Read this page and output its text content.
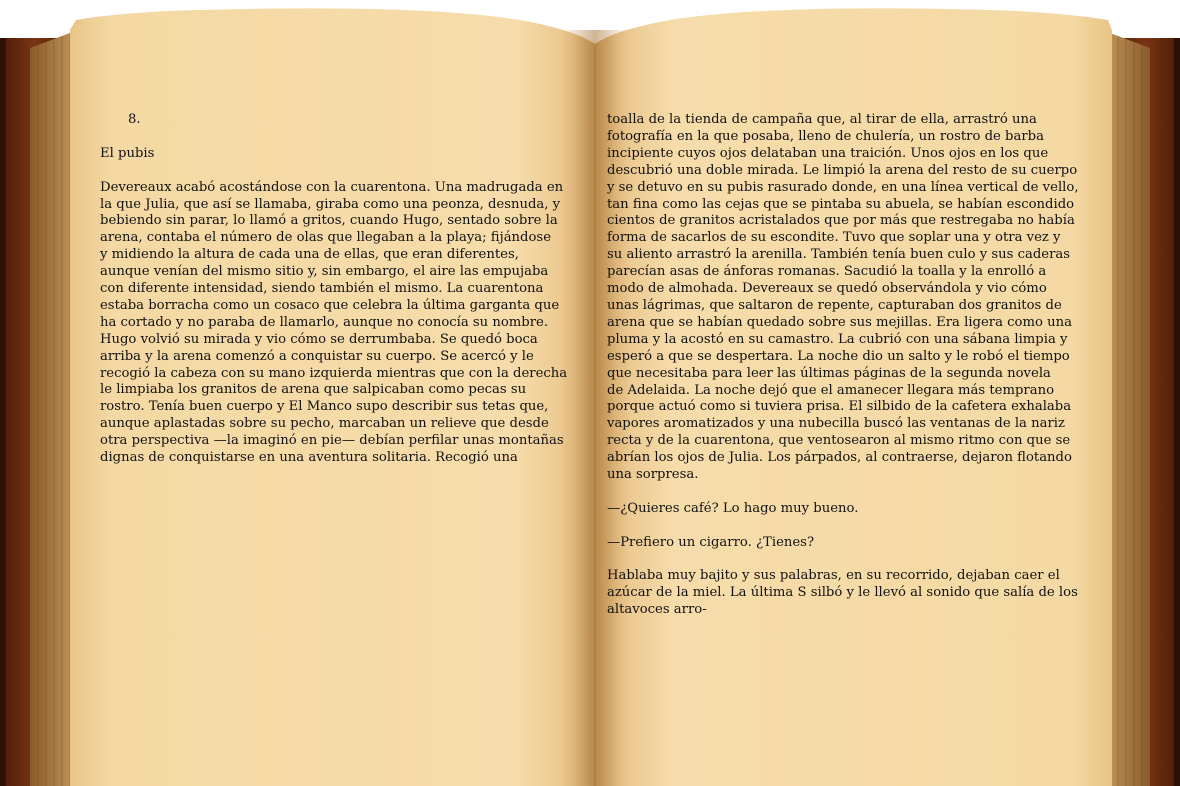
8.

El pubis

Devereaux acabó acostándose con la cuarentona. Una madrugada en

la que Julia, que así se llamaba, giraba como una peonza, desnuda, y

bebiendo sin parar, lo llamó a gritos, cuando Hugo, sentado sobre la

arena, contaba el número de olas que llegaban a la playa; fijándose

y midiendo la altura de cada una de ellas, que eran diferentes,

aunque venían del mismo sitio y, sin embargo, el aire las empujaba

con diferente intensidad, siendo también el mismo. La cuarentona

estaba borracha como un cosaco que celebra la última garganta que

ha cortado y no paraba de llamarlo, aunque no conocía su nombre.

Hugo volvió su mirada y vio cómo se derrumbaba. Se quedó boca

arriba y la arena comenzó a conquistar su cuerpo. Se acercó y le

recogió la cabeza con su mano izquierda mientras que con la derecha

le limpiaba los granitos de arena que salpicaban como pecas su

rostro. Tenía buen cuerpo y El Manco supo describir sus tetas que,

aunque aplastadas sobre su pecho, marcaban un relieve que desde

otra perspectiva —la imaginó en pie— debían perfilar unas montañas

dignas de conquistarse en una aventura solitaria. Recogió una

toalla de la tienda de campaña que, al tirar de ella, arrastró una

fotografía en la que posaba, lleno de chulería, un rostro de barba

incipiente cuyos ojos delataban una traición. Unos ojos en los que

descubrió una doble mirada. Le limpió la arena del resto de su cuerpo

y se detuvo en su pubis rasurado donde, en una línea vertical de vello,

tan fina como las cejas que se pintaba su abuela, se habían escondido

cientos de granitos acristalados que por más que restregaba no había

forma de sacarlos de su escondite. Tuvo que soplar una y otra vez y

su aliento arrastró la arenilla. También tenía buen culo y sus caderas

parecían asas de ánforas romanas. Sacudió la toalla y la enrolló a

modo de almohada. Devereaux se quedó observándola y vio cómo

unas lágrimas, que saltaron de repente, capturaban dos granitos de

arena que se habían quedado sobre sus mejillas. Era ligera como una

pluma y la acostó en su camastro. La cubrió con una sábana limpia y

esperó a que se despertara. La noche dio un salto y le robó el tiempo

que necesitaba para leer las últimas páginas de la segunda novela

de Adelaida. La noche dejó que el amanecer llegara más temprano

porque actuó como si tuviera prisa. El silbido de la cafetera exhalaba

vapores aromatizados y una nubecilla buscó las ventanas de la nariz

recta y de la cuarentona, que ventosearon al mismo ritmo con que se

abrían los ojos de Julia. Los párpados, al contraerse, dejaron flotando

una sorpresa.

—¿Quieres café? Lo hago muy bueno.

—Prefiero un cigarro. ¿Tienes?

Hablaba muy bajito y sus palabras, en su recorrido, dejaban caer el

azúcar de la miel. La última S silbó y le llevó al sonido que salía de los

altavoces arro-
